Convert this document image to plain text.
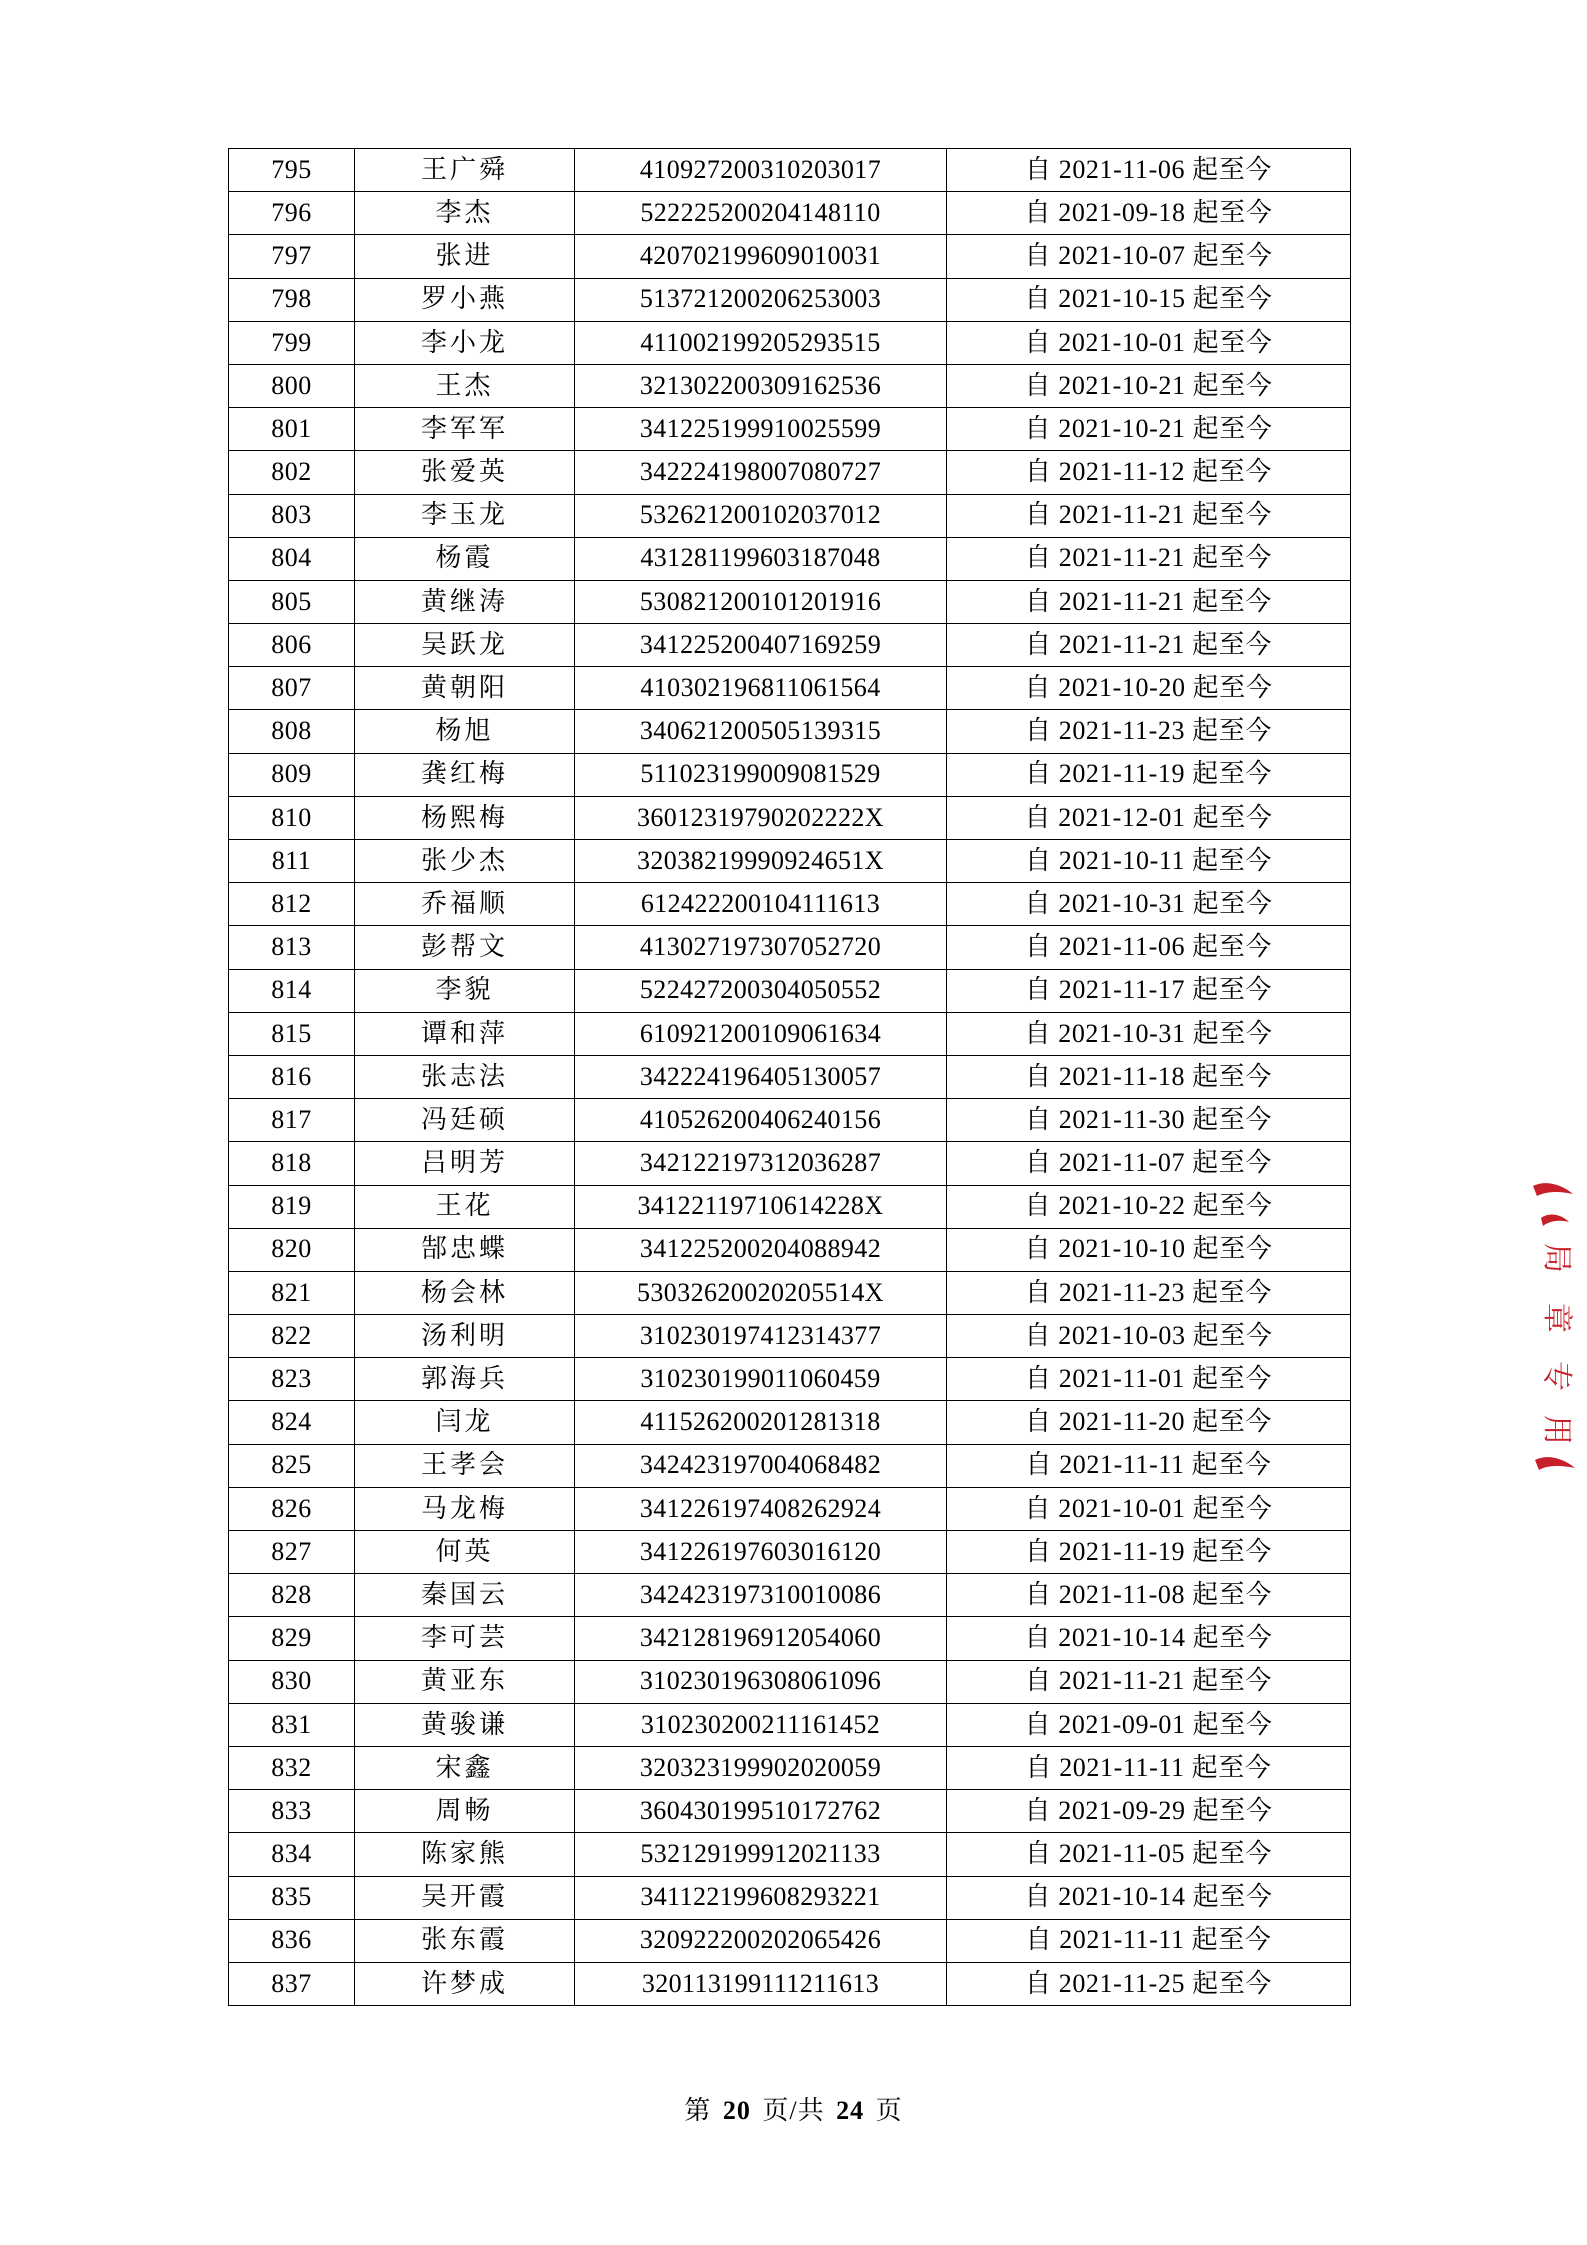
795	王广舜	410927200310203017	自 2021-11-06 起至今
796	李杰	522225200204148110	自 2021-09-18 起至今
797	张进	420702199609010031	自 2021-10-07 起至今
798	罗小燕	513721200206253003	自 2021-10-15 起至今
799	李小龙	411002199205293515	自 2021-10-01 起至今
800	王杰	321302200309162536	自 2021-10-21 起至今
801	李军军	341225199910025599	自 2021-10-21 起至今
802	张爱英	342224198007080727	自 2021-11-12 起至今
803	李玉龙	532621200102037012	自 2021-11-21 起至今
804	杨霞	431281199603187048	自 2021-11-21 起至今
805	黄继涛	530821200101201916	自 2021-11-21 起至今
806	吴跃龙	341225200407169259	自 2021-11-21 起至今
807	黄朝阳	410302196811061564	自 2021-10-20 起至今
808	杨旭	340621200505139315	自 2021-11-23 起至今
809	龚红梅	511023199009081529	自 2021-11-19 起至今
810	杨熙梅	36012319790202222X	自 2021-12-01 起至今
811	张少杰	32038219990924651X	自 2021-10-11 起至今
812	乔福顺	612422200104111613	自 2021-10-31 起至今
813	彭帮文	413027197307052720	自 2021-11-06 起至今
814	李貌	522427200304050552	自 2021-11-17 起至今
815	谭和萍	610921200109061634	自 2021-10-31 起至今
816	张志法	342224196405130057	自 2021-11-18 起至今
817	冯廷硕	410526200406240156	自 2021-11-30 起至今
818	吕明芳	342122197312036287	自 2021-11-07 起至今
819	王花	34122119710614228X	自 2021-10-22 起至今
820	郜忠蝶	341225200204088942	自 2021-10-10 起至今
821	杨会林	53032620020205514X	自 2021-11-23 起至今
822	汤利明	310230197412314377	自 2021-10-03 起至今
823	郭海兵	310230199011060459	自 2021-11-01 起至今
824	闫龙	411526200201281318	自 2021-11-20 起至今
825	王孝会	342423197004068482	自 2021-11-11 起至今
826	马龙梅	341226197408262924	自 2021-10-01 起至今
827	何英	341226197603016120	自 2021-11-19 起至今
828	秦国云	342423197310010086	自 2021-11-08 起至今
829	李可芸	342128196912054060	自 2021-10-14 起至今
830	黄亚东	310230196308061096	自 2021-11-21 起至今
831	黄骏谦	310230200211161452	自 2021-09-01 起至今
832	宋鑫	320323199902020059	自 2021-11-11 起至今
833	周畅	360430199510172762	自 2021-09-29 起至今
834	陈家熊	532129199912021133	自 2021-11-05 起至今
835	吴开霞	341122199608293221	自 2021-10-14 起至今
836	张东霞	320922200202065426	自 2021-11-11 起至今
837	许梦成	320113199111211613	自 2021-11-25 起至今
第 20 页/共 24 页
局
章
专
用
